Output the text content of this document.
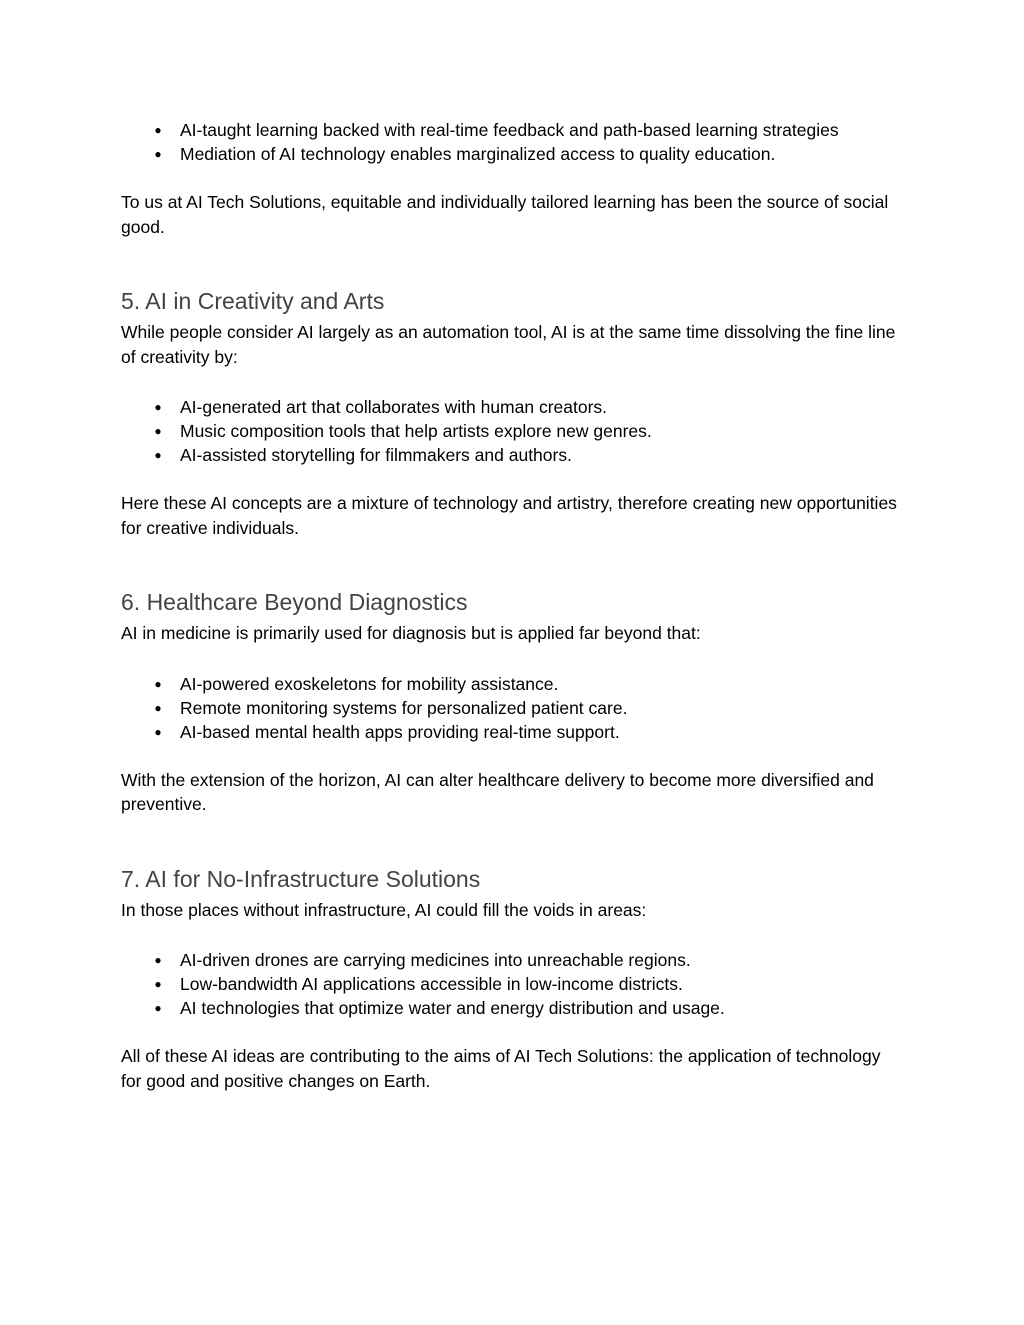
● AI-taught learning backed with real-time feedback and path-based learning strategies
● Mediation of AI technology enables marginalized access to quality education.

To us at AI Tech Solutions, equitable and individually tailored learning has been the source of social good.

5. AI in Creativity and Arts

While people consider AI largely as an automation tool, AI is at the same time dissolving the fine line of creativity by:

● AI-generated art that collaborates with human creators.
● Music composition tools that help artists explore new genres.
● AI-assisted storytelling for filmmakers and authors.

Here these AI concepts are a mixture of technology and artistry, therefore creating new opportunities for creative individuals.

6. Healthcare Beyond Diagnostics

AI in medicine is primarily used for diagnosis but is applied far beyond that:

● AI-powered exoskeletons for mobility assistance.
● Remote monitoring systems for personalized patient care.
● AI-based mental health apps providing real-time support.

With the extension of the horizon, AI can alter healthcare delivery to become more diversified and preventive.

7. AI for No-Infrastructure Solutions

In those places without infrastructure, AI could fill the voids in areas:

● AI-driven drones are carrying medicines into unreachable regions.
● Low-bandwidth AI applications accessible in low-income districts.
● AI technologies that optimize water and energy distribution and usage.

All of these AI ideas are contributing to the aims of AI Tech Solutions: the application of technology for good and positive changes on Earth.
